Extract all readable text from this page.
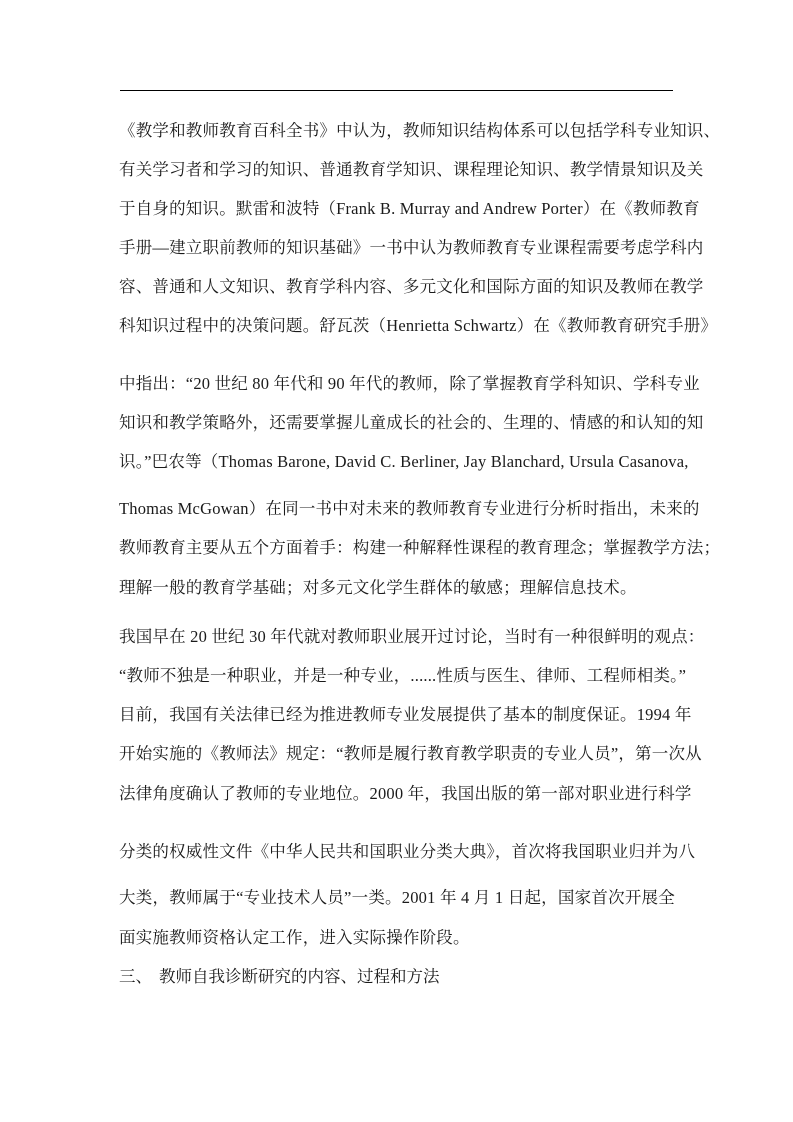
《教学和教师教育百科全书》中认为，教师知识结构体系可以包括学科专业知识、
有关学习者和学习的知识、普通教育学知识、课程理论知识、教学情景知识及关
于自身的知识。默雷和波特（Frank B. Murray and Andrew Porter）在《教师教育
手册—建立职前教师的知识基础》一书中认为教师教育专业课程需要考虑学科内
容、普通和人文知识、教育学科内容、多元文化和国际方面的知识及教师在教学
科知识过程中的决策问题。舒瓦茨（Henrietta Schwartz）在《教师教育研究手册》
中指出：“20 世纪 80 年代和 90 年代的教师，除了掌握教育学科知识、学科专业
知识和教学策略外，还需要掌握儿童成长的社会的、生理的、情感的和认知的知
识。”巴农等（Thomas Barone, David C. Berliner, Jay Blanchard, Ursula Casanova,
Thomas McGowan）在同一书中对未来的教师教育专业进行分析时指出，未来的
教师教育主要从五个方面着手：构建一种解释性课程的教育理念；掌握教学方法；
理解一般的教育学基础；对多元文化学生群体的敏感；理解信息技术。
我国早在 20 世纪 30 年代就对教师职业展开过讨论，当时有一种很鲜明的观点：
“教师不独是一种职业，并是一种专业，......性质与医生、律师、工程师相类。”
目前，我国有关法律已经为推进教师专业发展提供了基本的制度保证。1994 年
开始实施的《教师法》规定：“教师是履行教育教学职责的专业人员”，第一次从
法律角度确认了教师的专业地位。2000 年，我国出版的第一部对职业进行科学
分类的权威性文件《中华人民共和国职业分类大典》，首次将我国职业归并为八
大类，教师属于“专业技术人员”一类。2001 年 4 月 1 日起，国家首次开展全
面实施教师资格认定工作，进入实际操作阶段。
三、 教师自我诊断研究的内容、过程和方法
